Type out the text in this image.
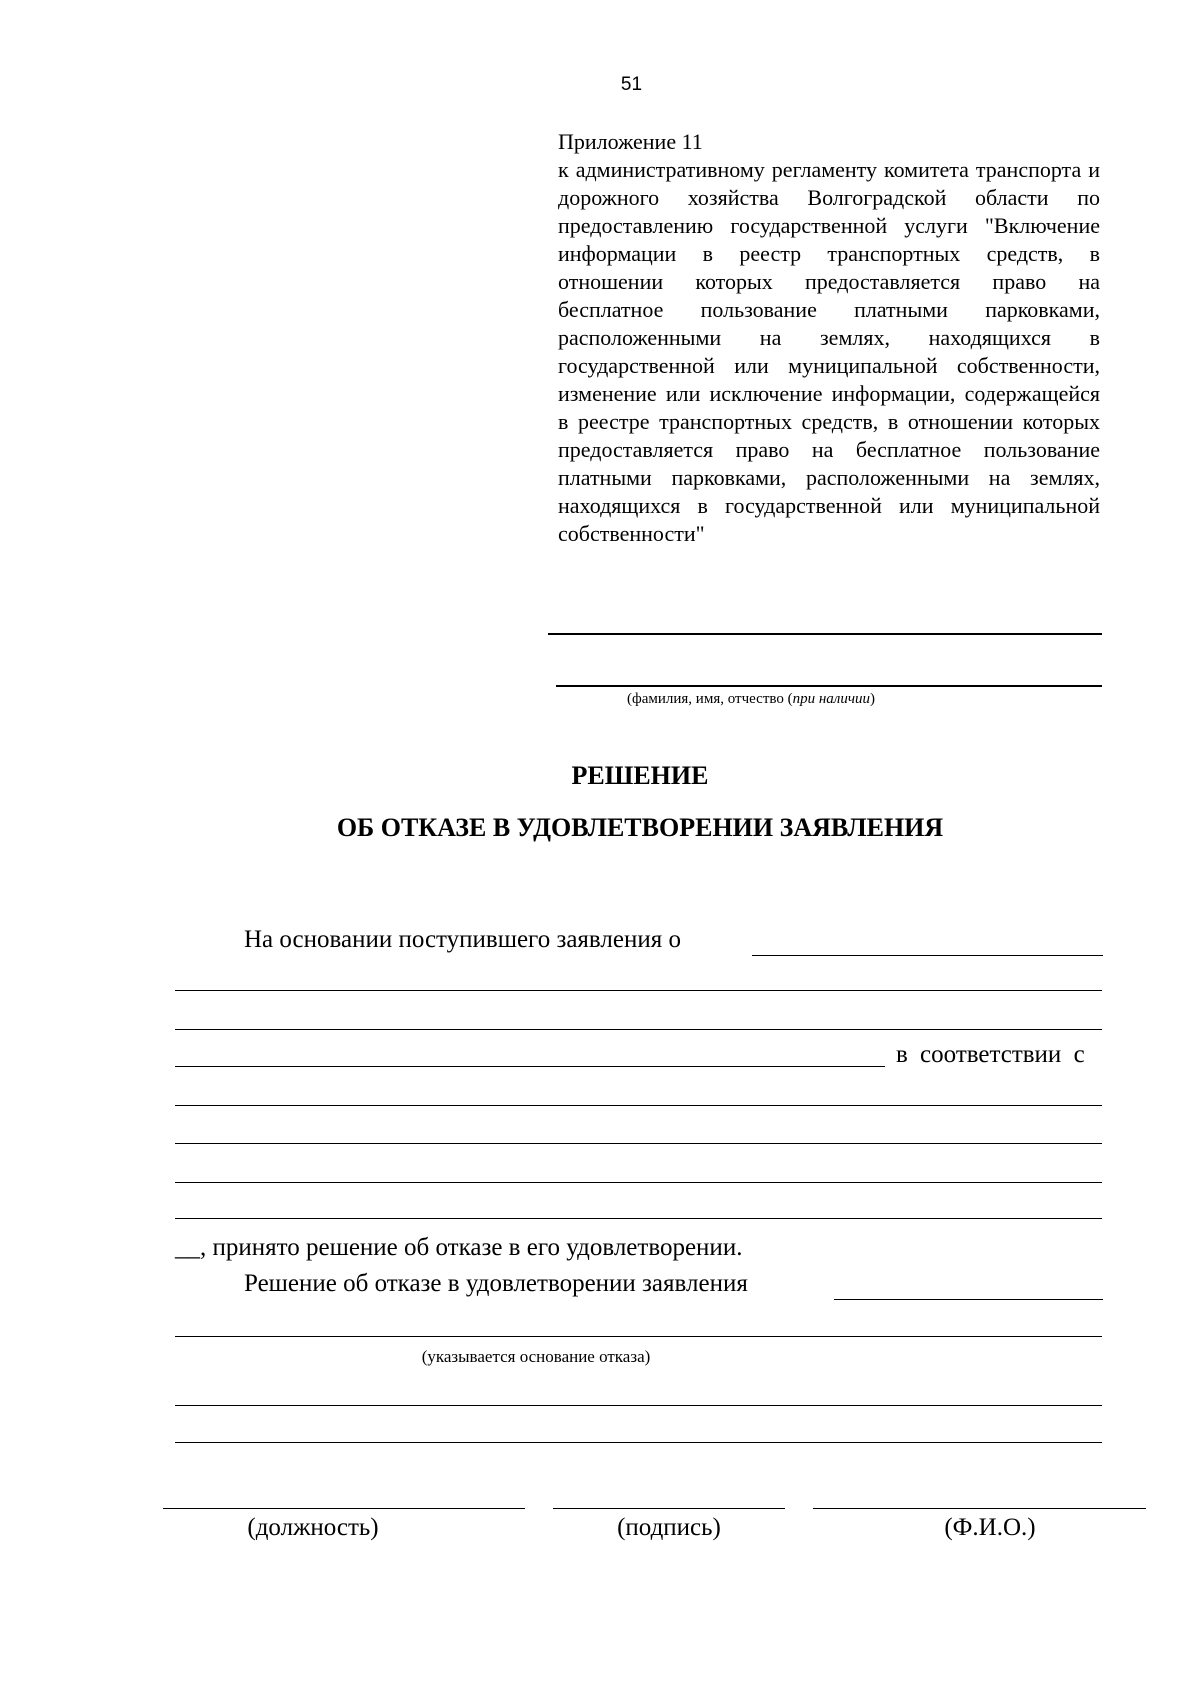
51
Приложение 11
к административному регламенту комитета транспорта и дорожного хозяйства Волгоградской области по предоставлению государственной услуги "Включение информации в реестр транспортных средств, в отношении которых предоставляется право на бесплатное пользование платными парковками, расположенными на землях, находящихся в государственной или муниципальной собственности, изменение или исключение информации, содержащейся в реестре транспортных средств, в отношении которых предоставляется право на бесплатное пользование платными парковками, расположенными на землях, находящихся в государственной или муниципальной собственности"
(фамилия, имя, отчество (при наличии)
РЕШЕНИЕ
ОБ ОТКАЗЕ В УДОВЛЕТВОРЕНИИ ЗАЯВЛЕНИЯ
На основании поступившего заявления о
в соответствии с
__, принято решение об отказе в его удовлетворении.
Решение об отказе в удовлетворении заявления
(указывается основание отказа)
(должность)	(подпись)	(Ф.И.О.)
